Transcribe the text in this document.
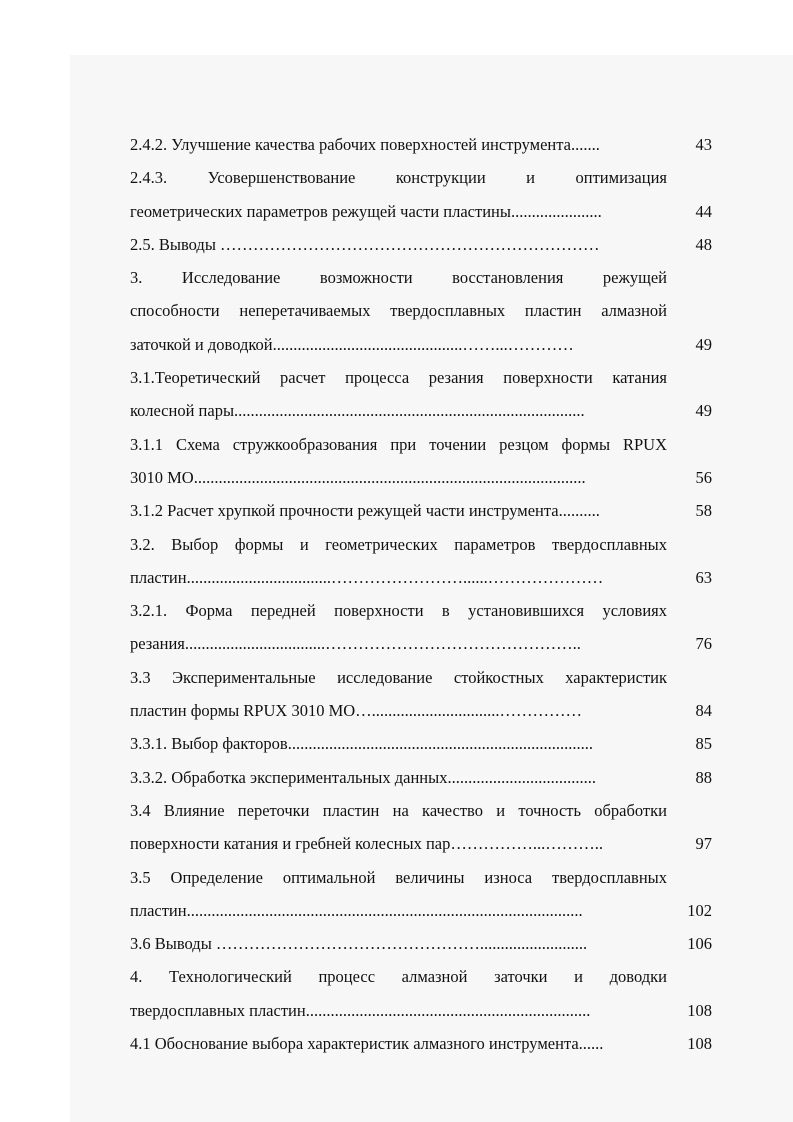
2.4.2. Улучшение качества рабочих поверхностей инструмента.......	43
2.4.3. Усовершенствование конструкции и оптимизация
геометрических параметров режущей части пластины......................	44
2.5. Выводы ……………………………………………………………	48
3. Исследование возможности восстановления режущей
способности неперетачиваемых твердосплавных пластин алмазной
заточкой и доводкой..............................................……...…………	49
3.1.Теоретический расчет процесса резания поверхности катания
колесной пары.....................................................................................	49
3.1.1 Схема стружкообразования при точении резцом формы RPUX
3010 МО...............................................................................................	56
3.1.2 Расчет хрупкой прочности режущей части инструмента..........	58
3.2. Выбор формы и геометрических параметров твердосплавных
пластин...................................……………………......…………………	63
3.2.1. Форма передней поверхности в установившихся условиях
резания..................................………………………………………..	76
3.3 Экспериментальные исследование стойкостных характеристик
пластин формы RPUX 3010 МО…...............................……………	84
3.3.1. Выбор факторов..........................................................................	85
3.3.2. Обработка экспериментальных данных....................................	88
3.4 Влияние переточки пластин на качество и точность обработки
поверхности катания и гребней колесных пар……………...………..	97
3.5 Определение оптимальной величины износа твердосплавных
пластин................................................................................................	102
3.6 Выводы …………………………………………..........................	106
4. Технологический процесс алмазной заточки и доводки
твердосплавных пластин.....................................................................	108
4.1 Обоснование выбора характеристик алмазного инструмента......	108
